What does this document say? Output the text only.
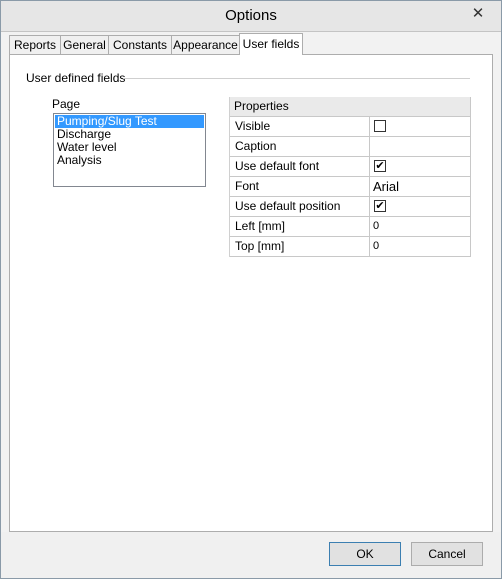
Options	✕
Reports General Constants Appearance User fields
User defined fields
Page
Pumping/Slug Test
Discharge
Water level
Analysis
Properties
Visible
Caption
Use default font	✔
Font	Arial
Use default position	✔
Left [mm]	0
Top [mm]	0
OK	Cancel
